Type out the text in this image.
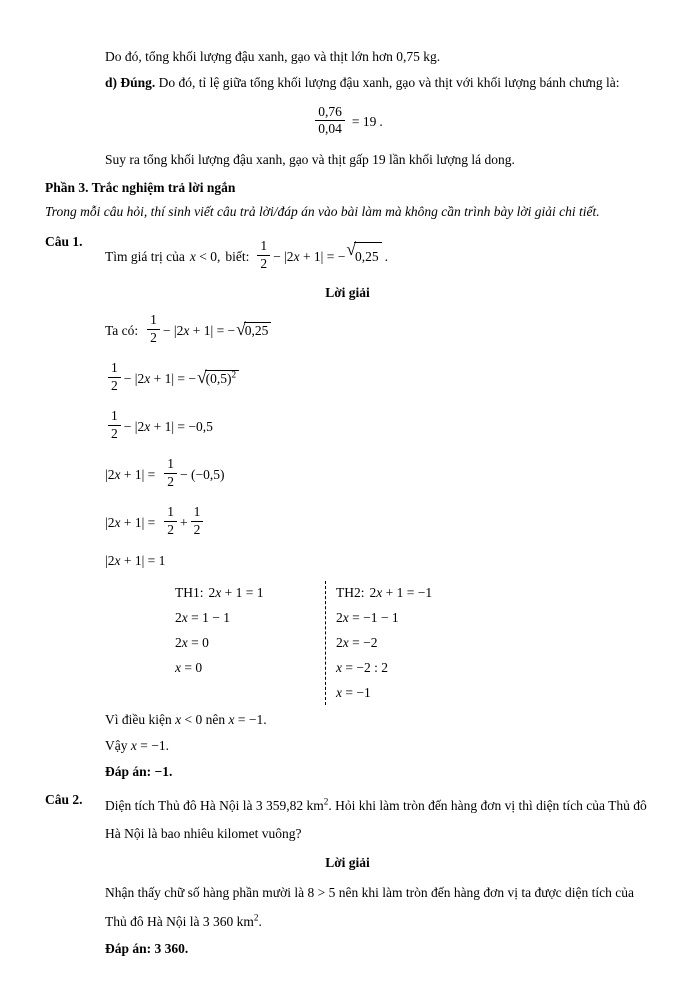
Do đó, tổng khối lượng đậu xanh, gạo và thịt lớn hơn 0,75 kg.
d) Đúng. Do đó, tỉ lệ giữa tổng khối lượng đậu xanh, gạo và thịt với khối lượng bánh chưng là:
$\frac{0,76}{0,04} = 19$ .
Suy ra tổng khối lượng đậu xanh, gạo và thịt gấp 19 lần khối lượng lá dong.
Phần 3. Trắc nghiệm trả lời ngắn
Trong mỗi câu hỏi, thí sinh viết câu trả lời/đáp án vào bài làm mà không cần trình bày lời giải chi tiết.
Câu 1.
Tìm giá trị của x < 0, biết: $\frac{1}{2} - |2x + 1|$ = − √ 0,25 .
Lời giải
Ta có: $\frac{1}{2} - |2x + 1|$ = − √ 0,25
$\frac{1}{2} - |2x + 1|$ = − √ $(0,5)^2$
$\frac{1}{2} - |2x + 1| = -0,5$
$|2x + 1| = \frac{1}{2} - (-0,5)$
$|2x + 1| = \frac{1}{2} + \frac{1}{2}$
|2x + 1| = 1
TH1: 2x + 1 = 1
2x = 1 − 1
2x = 0
x = 0
TH2: 2x + 1 = −1
2x = −1 − 1
2x = −2
x = −2 : 2
x = −1
Vì điều kiện x < 0 nên x = −1.
Vậy x = −1.
Đáp án: −1.
Câu 2.	Diện tích Thủ đô Hà Nội là 3 359,82 $km^2$. Hỏi khi làm tròn đến hàng đơn vị thì diện tích của Thủ đô Hà Nội là bao nhiêu kilomet vuông?
Lời giải
Nhận thấy chữ số hàng phần mười là 8 > 5 nên khi làm tròn đến hàng đơn vị ta được diện tích của Thủ đô Hà Nội là 3 360 $km^2$.
Đáp án: 3 360.
